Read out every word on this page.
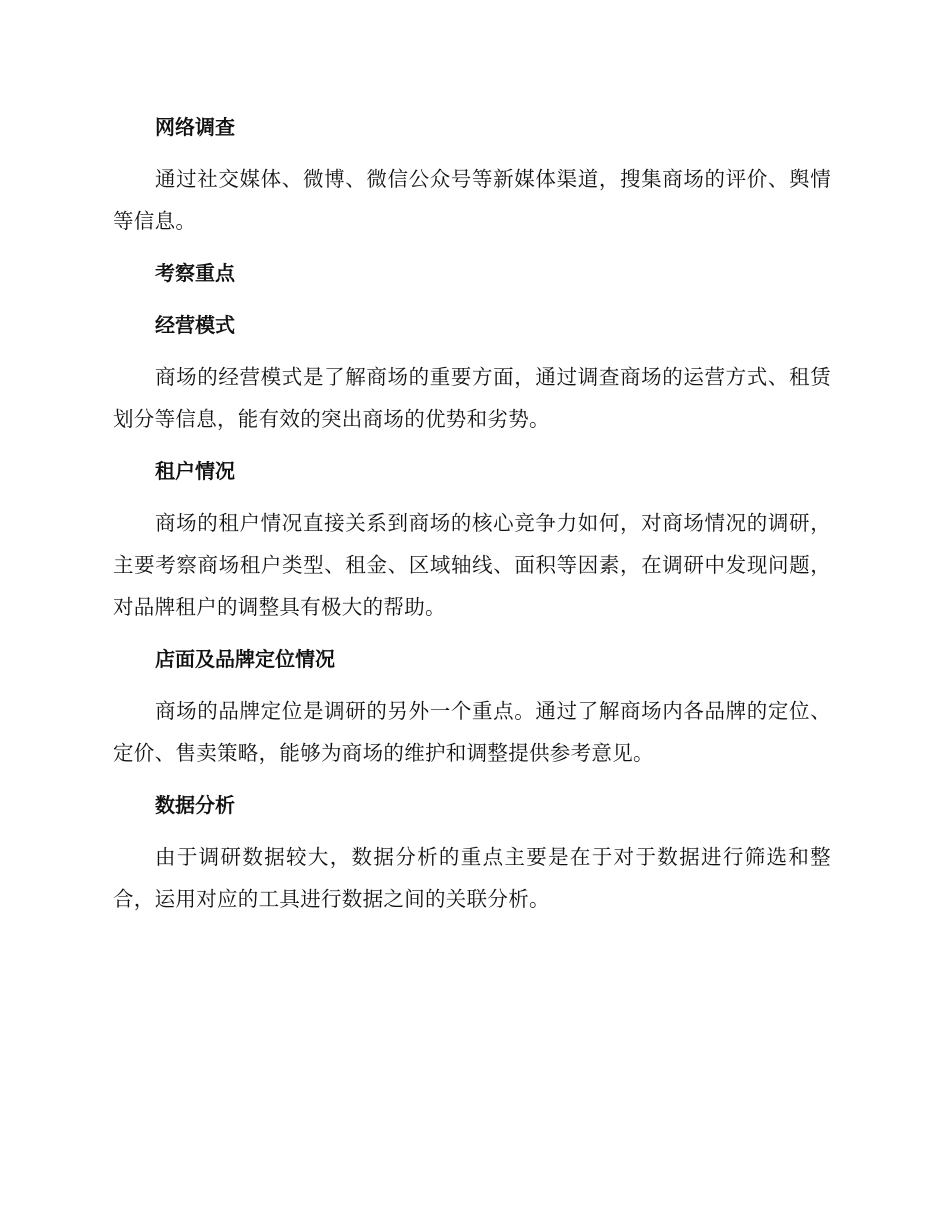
网络调查
通过社交媒体、微博、微信公众号等新媒体渠道，搜集商场的评价、舆情等信息。
考察重点
经营模式
商场的经营模式是了解商场的重要方面，通过调查商场的运营方式、租赁划分等信息，能有效的突出商场的优势和劣势。
租户情况
商场的租户情况直接关系到商场的核心竞争力如何，对商场情况的调研，主要考察商场租户类型、租金、区域轴线、面积等因素，在调研中发现问题，对品牌租户的调整具有极大的帮助。
店面及品牌定位情况
商场的品牌定位是调研的另外一个重点。通过了解商场内各品牌的定位、定价、售卖策略，能够为商场的维护和调整提供参考意见。
数据分析
由于调研数据较大，数据分析的重点主要是在于对于数据进行筛选和整合，运用对应的工具进行数据之间的关联分析。
